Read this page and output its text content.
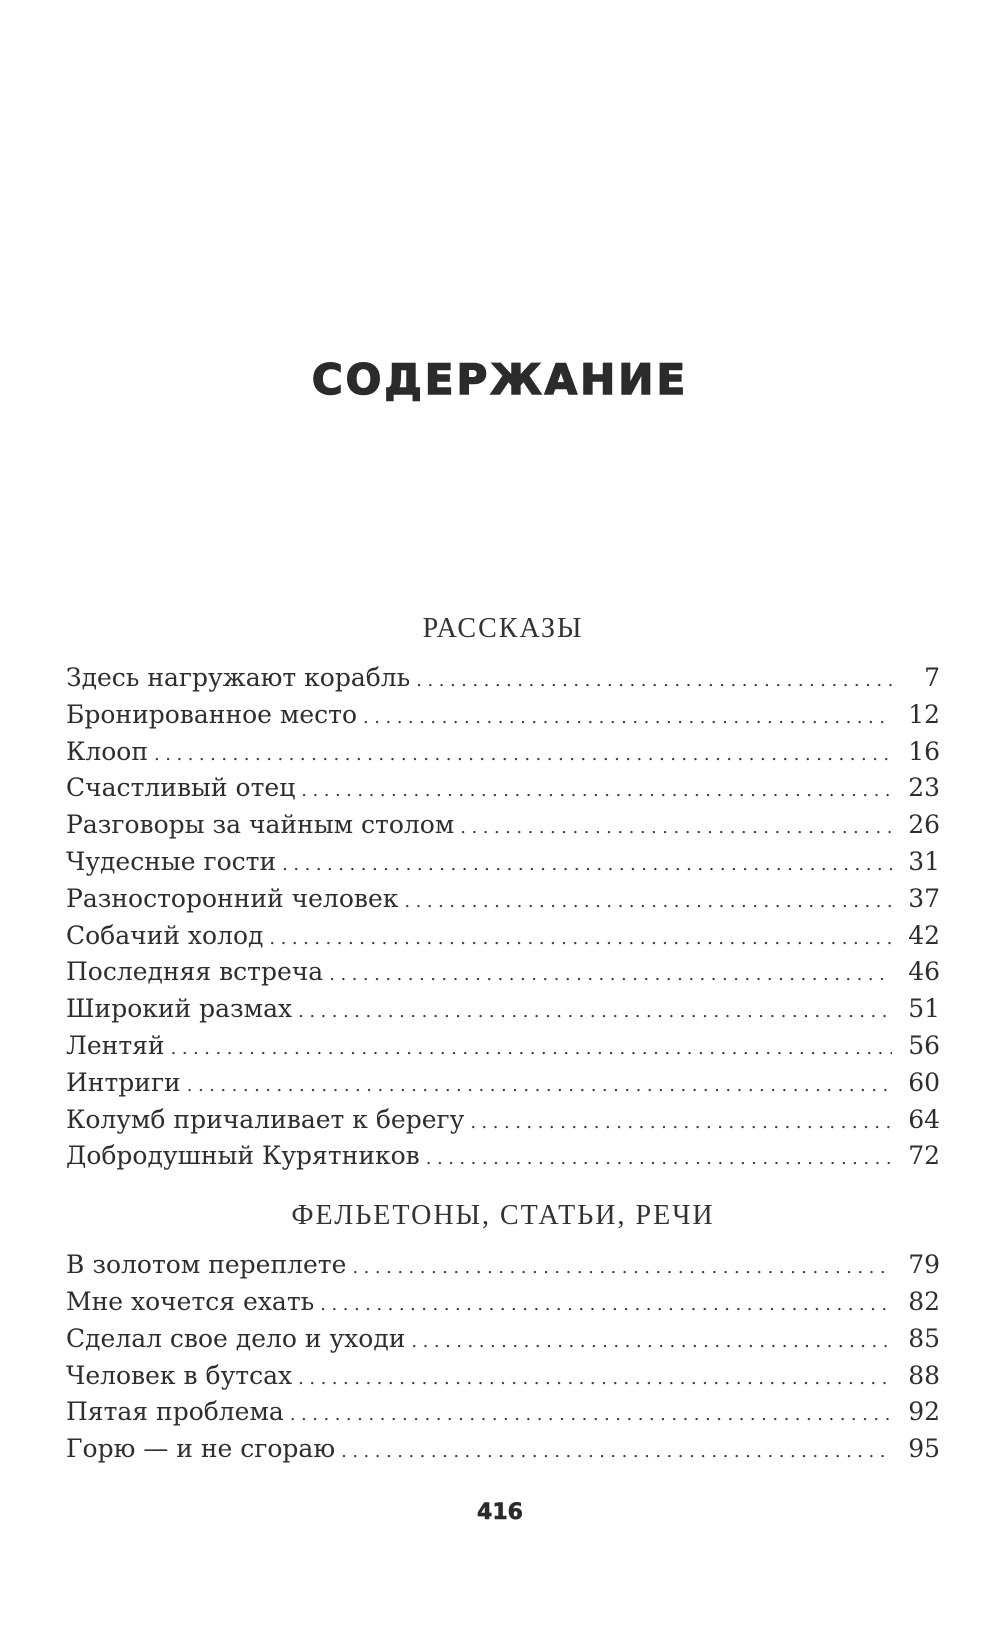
СОДЕРЖАНИЕ
РАССКАЗЫ
Здесь нагружают корабль .....	7
Бронированное место .....	12
Клооп .....	16
Счастливый отец .....	23
Разговоры за чайным столом .....	26
Чудесные гости .....	31
Разносторонний человек .....	37
Собачий холод .....	42
Последняя встреча .....	46
Широкий размах .....	51
Лентяй .....	56
Интриги .....	60
Колумб причаливает к берегу .....	64
Добродушный Курятников .....	72
ФЕЛЬЕТОНЫ, СТАТЬИ, РЕЧИ
В золотом переплете .....	79
Мне хочется ехать .....	82
Сделал свое дело и уходи .....	85
Человек в бутсах .....	88
Пятая проблема .....	92
Горю — и не сгораю .....	95
416
